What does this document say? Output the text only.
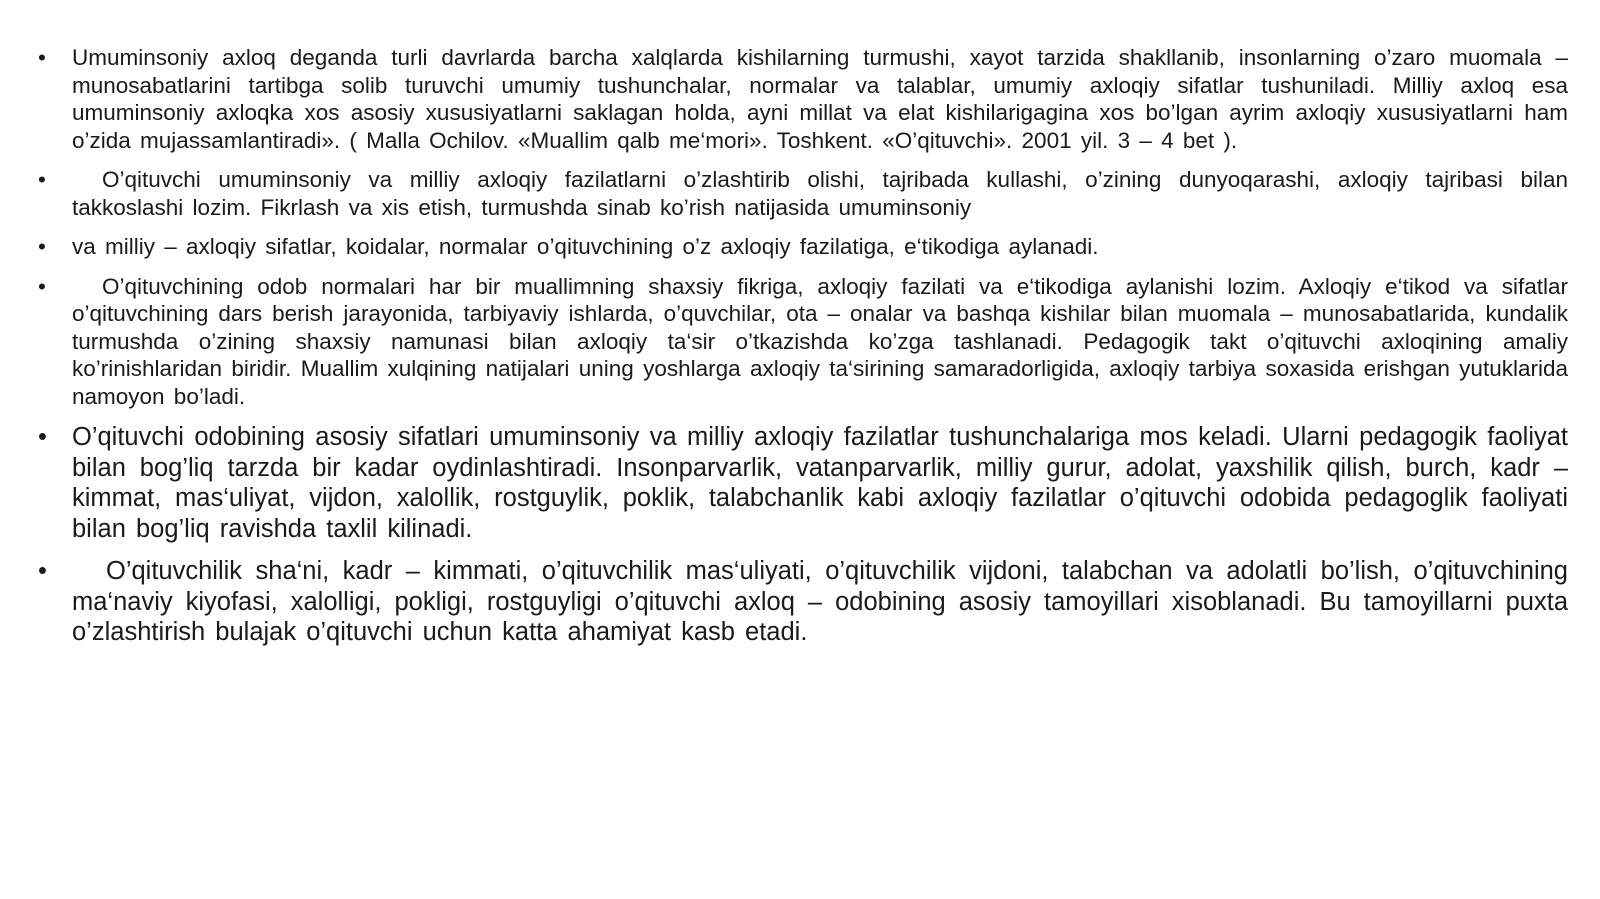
•	Umuminsoniy axloq deganda turli davrlarda barcha xalqlarda kishilarning turmushi, xayot tarzida shakllanib, insonlarning o’zaro muomala – munosabatlarini tartibga solib turuvchi umumiy tushunchalar, normalar va talablar, umumiy axloqiy sifatlar tushuniladi. Milliy axloq esa umuminsoniy axloqka xos asosiy xususiyatlarni saklagan holda, ayni millat va elat kishilarigagina xos bo’lgan ayrim axloqiy xususiyatlarni ham o’zida mujassamlantiradi». ( Malla Ochilov. «Muallim qalb me‘mori». Toshkent. «O’qituvchi». 2001 yil. 3 – 4 bet ).
•	O’qituvchi umuminsoniy va milliy axloqiy fazilatlarni o’zlashtirib olishi, tajribada kullashi, o’zining dunyoqarashi, axloqiy tajribasi bilan takkoslashi lozim. Fikrlash va xis etish, turmushda sinab ko’rish natijasida umuminsoniy
•	va milliy – axloqiy sifatlar, koidalar, normalar o’qituvchining o’z axloqiy fazilatiga, e‘tikodiga aylanadi.
•	O’qituvchining odob normalari har bir muallimning shaxsiy fikriga, axloqiy fazilati va e‘tikodiga aylanishi lozim. Axloqiy e‘tikod va sifatlar o’qituvchining dars berish jarayonida, tarbiyaviy ishlarda, o’quvchilar, ota – onalar va bashqa kishilar bilan muomala – munosabatlarida, kundalik turmushda o’zining shaxsiy namunasi bilan axloqiy ta‘sir o’tkazishda ko’zga tashlanadi. Pedagogik takt o’qituvchi axloqining amaliy ko’rinishlaridan biridir. Muallim xulqining natijalari uning yoshlarga axloqiy ta‘sirining samaradorligida, axloqiy tarbiya soxasida erishgan yutuklarida namoyon bo’ladi.
• O’qituvchi odobining asosiy sifatlari umuminsoniy va milliy axloqiy fazilatlar tushunchalariga mos keladi. Ularni pedagogik faoliyat bilan bog’liq tarzda bir kadar oydinlashtiradi. Insonparvarlik, vatanparvarlik, milliy gurur, adolat, yaxshilik qilish, burch, kadr – kimmat, mas‘uliyat, vijdon, xalollik, rostguylik, poklik, talabchanlik kabi axloqiy fazilatlar o’qituvchi odobida pedagoglik faoliyati bilan bog’liq ravishda taxlil kilinadi.
•	O’qituvchilik sha‘ni, kadr – kimmati, o’qituvchilik mas‘uliyati, o’qituvchilik vijdoni, talabchan va adolatli bo’lish, o’qituvchining ma‘naviy kiyofasi, xalolligi, pokligi, rostguyligi o’qituvchi axloq – odobining asosiy tamoyillari xisoblanadi. Bu tamoyillarni puxta o’zlashtirish bulajak o’qituvchi uchun katta ahamiyat kasb etadi.
